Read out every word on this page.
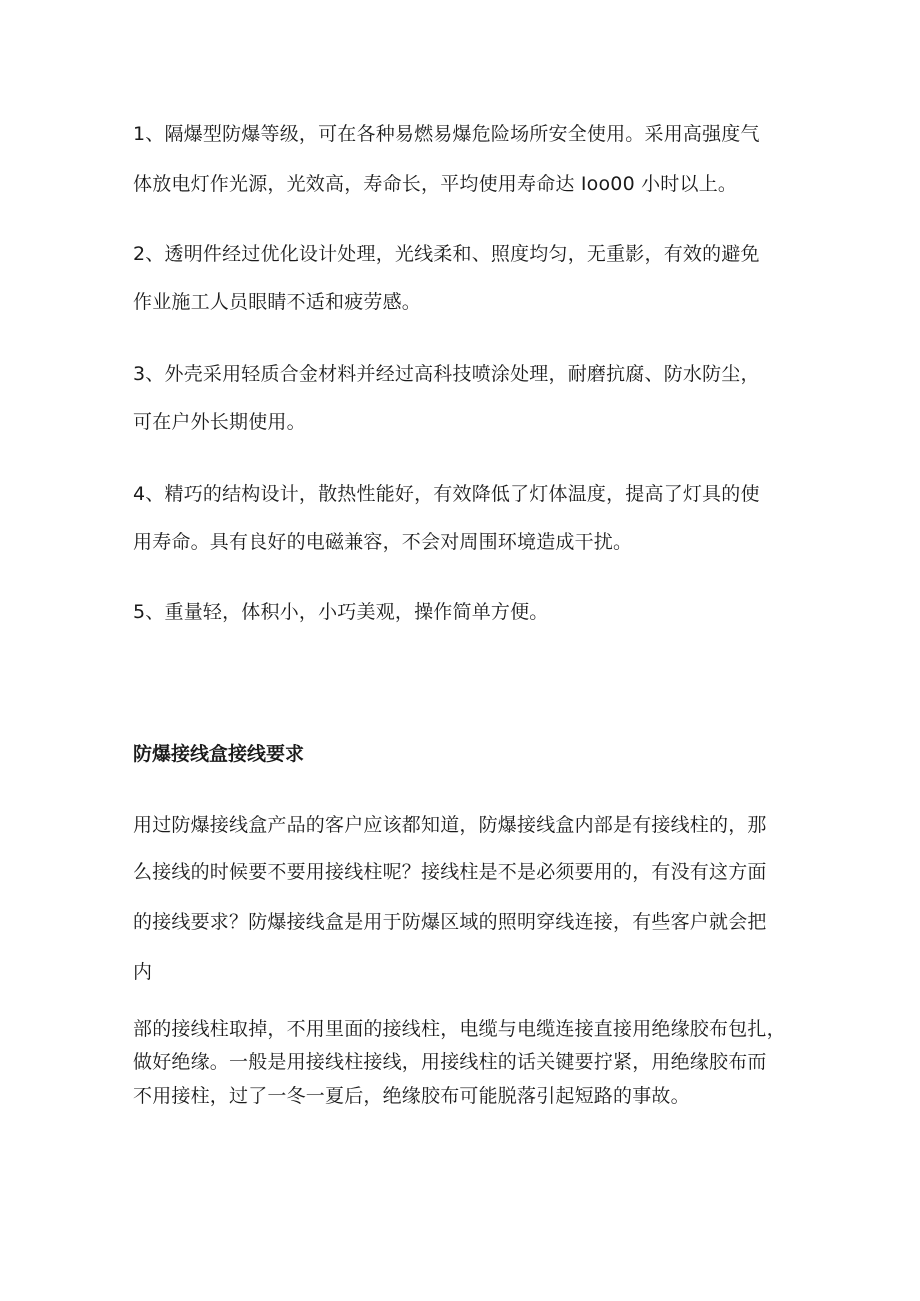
1、隔爆型防爆等级，可在各种易燃易爆危险场所安全使用。采用高强度气
体放电灯作光源，光效高，寿命长，平均使用寿命达 Ioo00 小时以上。
2、透明件经过优化设计处理，光线柔和、照度均匀，无重影，有效的避免
作业施工人员眼睛不适和疲劳感。
3、外壳采用轻质合金材料并经过高科技喷涂处理，耐磨抗腐、防水防尘，
可在户外长期使用。
4、精巧的结构设计，散热性能好，有效降低了灯体温度，提高了灯具的使
用寿命。具有良好的电磁兼容，不会对周围环境造成干扰。
5、重量轻，体积小，小巧美观，操作简单方便。
防爆接线盒接线要求
用过防爆接线盒产品的客户应该都知道，防爆接线盒内部是有接线柱的，那
么接线的时候要不要用接线柱呢？接线柱是不是必须要用的，有没有这方面
的接线要求？防爆接线盒是用于防爆区域的照明穿线连接，有些客户就会把
内
部的接线柱取掉，不用里面的接线柱，电缆与电缆连接直接用绝缘胶布包扎，
做好绝缘。一般是用接线柱接线，用接线柱的话关键要拧紧，用绝缘胶布而
不用接柱，过了一冬一夏后，绝缘胶布可能脱落引起短路的事故。
